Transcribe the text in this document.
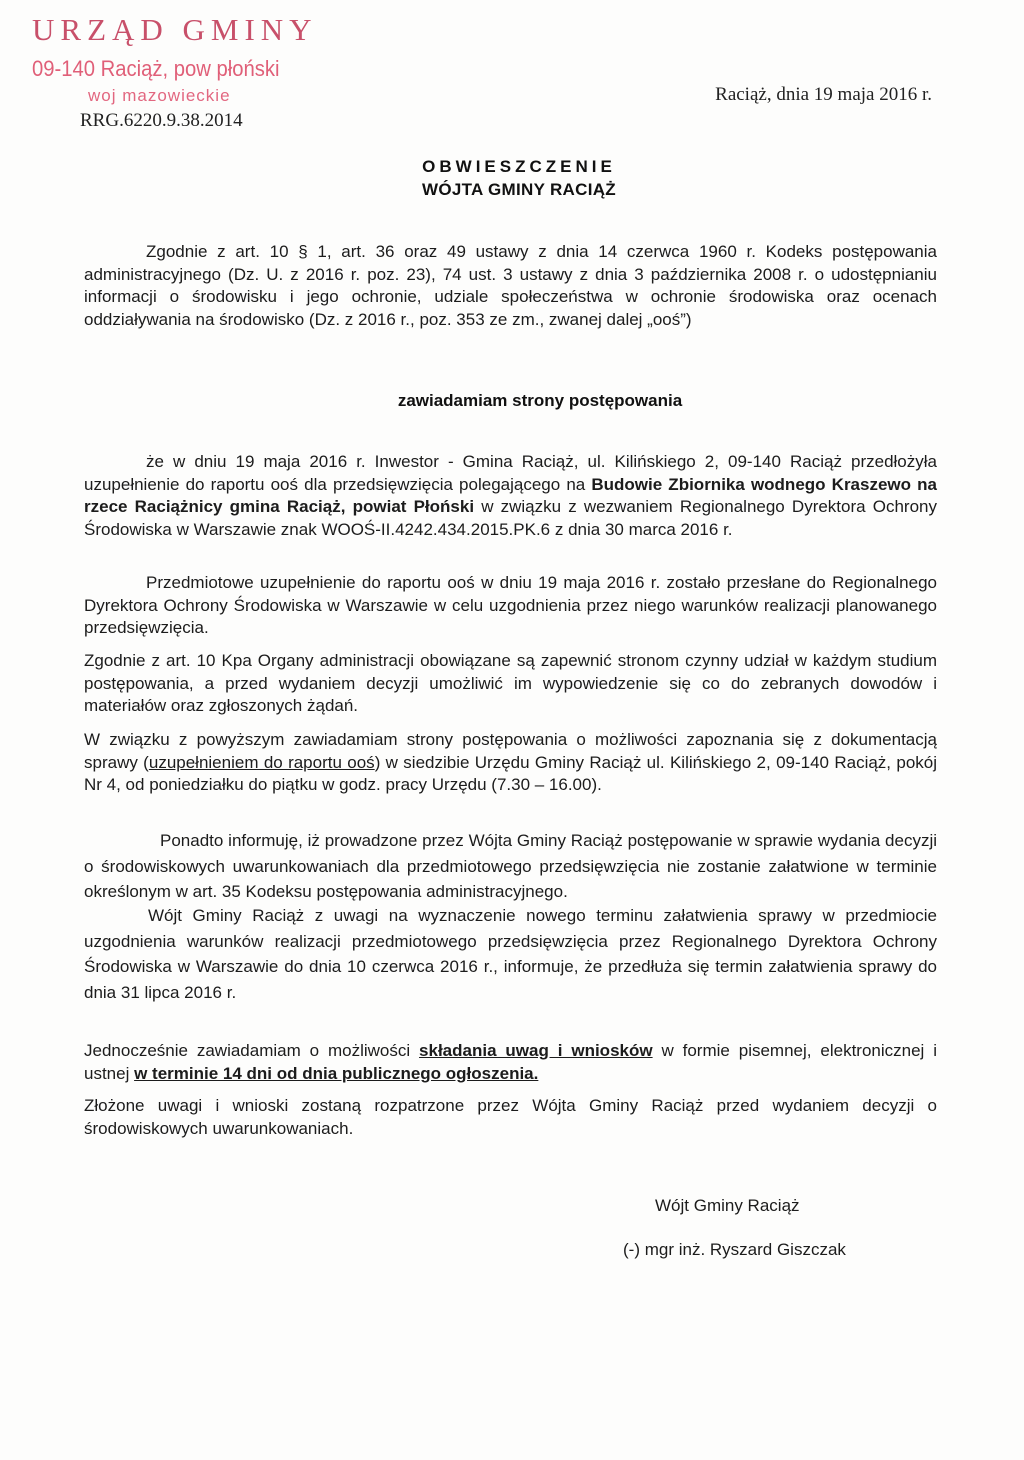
URZĄD GMINY
09-140 Raciąż, pow płoński
woj mazowieckie
RRG.6220.9.38.2014
Raciąż, dnia 19 maja 2016 r.
OBWIESZCZENIE
WÓJTA GMINY RACIĄŻ
Zgodnie z art. 10 § 1, art. 36 oraz 49 ustawy z dnia 14 czerwca 1960 r. Kodeks postępowania administracyjnego (Dz. U. z 2016 r. poz. 23), 74 ust. 3 ustawy z dnia 3 października 2008 r. o udostępnianiu informacji o środowisku i jego ochronie, udziale społeczeństwa w ochronie środowiska oraz ocenach oddziaływania na środowisko (Dz. z 2016 r., poz. 353 ze zm., zwanej dalej „ooś”)
zawiadamiam strony postępowania
że w dniu 19 maja 2016 r. Inwestor - Gmina Raciąż, ul. Kilińskiego 2, 09-140 Raciąż przedłożyła uzupełnienie do raportu ooś dla przedsięwzięcia polegającego na Budowie Zbiornika wodnego Kraszewo na rzece Raciążnicy gmina Raciąż, powiat Płoński w związku z wezwaniem Regionalnego Dyrektora Ochrony Środowiska w Warszawie znak WOOŚ-II.4242.434.2015.PK.6 z dnia 30 marca 2016 r.
Przedmiotowe uzupełnienie do raportu ooś w dniu 19 maja 2016 r. zostało przesłane do Regionalnego Dyrektora Ochrony Środowiska w Warszawie w celu uzgodnienia przez niego warunków realizacji planowanego przedsięwzięcia.
Zgodnie z art. 10 Kpa Organy administracji obowiązane są zapewnić stronom czynny udział w każdym studium postępowania, a przed wydaniem decyzji umożliwić im wypowiedzenie się co do zebranych dowodów i materiałów oraz zgłoszonych żądań.
W związku z powyższym zawiadamiam strony postępowania o możliwości zapoznania się z dokumentacją sprawy (uzupełnieniem do raportu ooś) w siedzibie Urzędu Gminy Raciąż ul. Kilińskiego 2, 09-140 Raciąż, pokój Nr 4, od poniedziałku do piątku w godz. pracy Urzędu (7.30 – 16.00).
Ponadto informuję, iż prowadzone przez Wójta Gminy Raciąż postępowanie w sprawie wydania decyzji o środowiskowych uwarunkowaniach dla przedmiotowego przedsięwzięcia nie zostanie załatwione w terminie określonym w art. 35 Kodeksu postępowania administracyjnego.
Wójt Gminy Raciąż z uwagi na wyznaczenie nowego terminu załatwienia sprawy w przedmiocie uzgodnienia warunków realizacji przedmiotowego przedsięwzięcia przez Regionalnego Dyrektora Ochrony Środowiska w Warszawie do dnia 10 czerwca 2016 r., informuje, że przedłuża się termin załatwienia sprawy do dnia 31 lipca 2016 r.
Jednocześnie zawiadamiam o możliwości składania uwag i wniosków w formie pisemnej, elektronicznej i ustnej w terminie 14 dni od dnia publicznego ogłoszenia.
Złożone uwagi i wnioski zostaną rozpatrzone przez Wójta Gminy Raciąż przed wydaniem decyzji o środowiskowych uwarunkowaniach.
Wójt Gminy Raciąż
(-) mgr inż. Ryszard Giszczak
